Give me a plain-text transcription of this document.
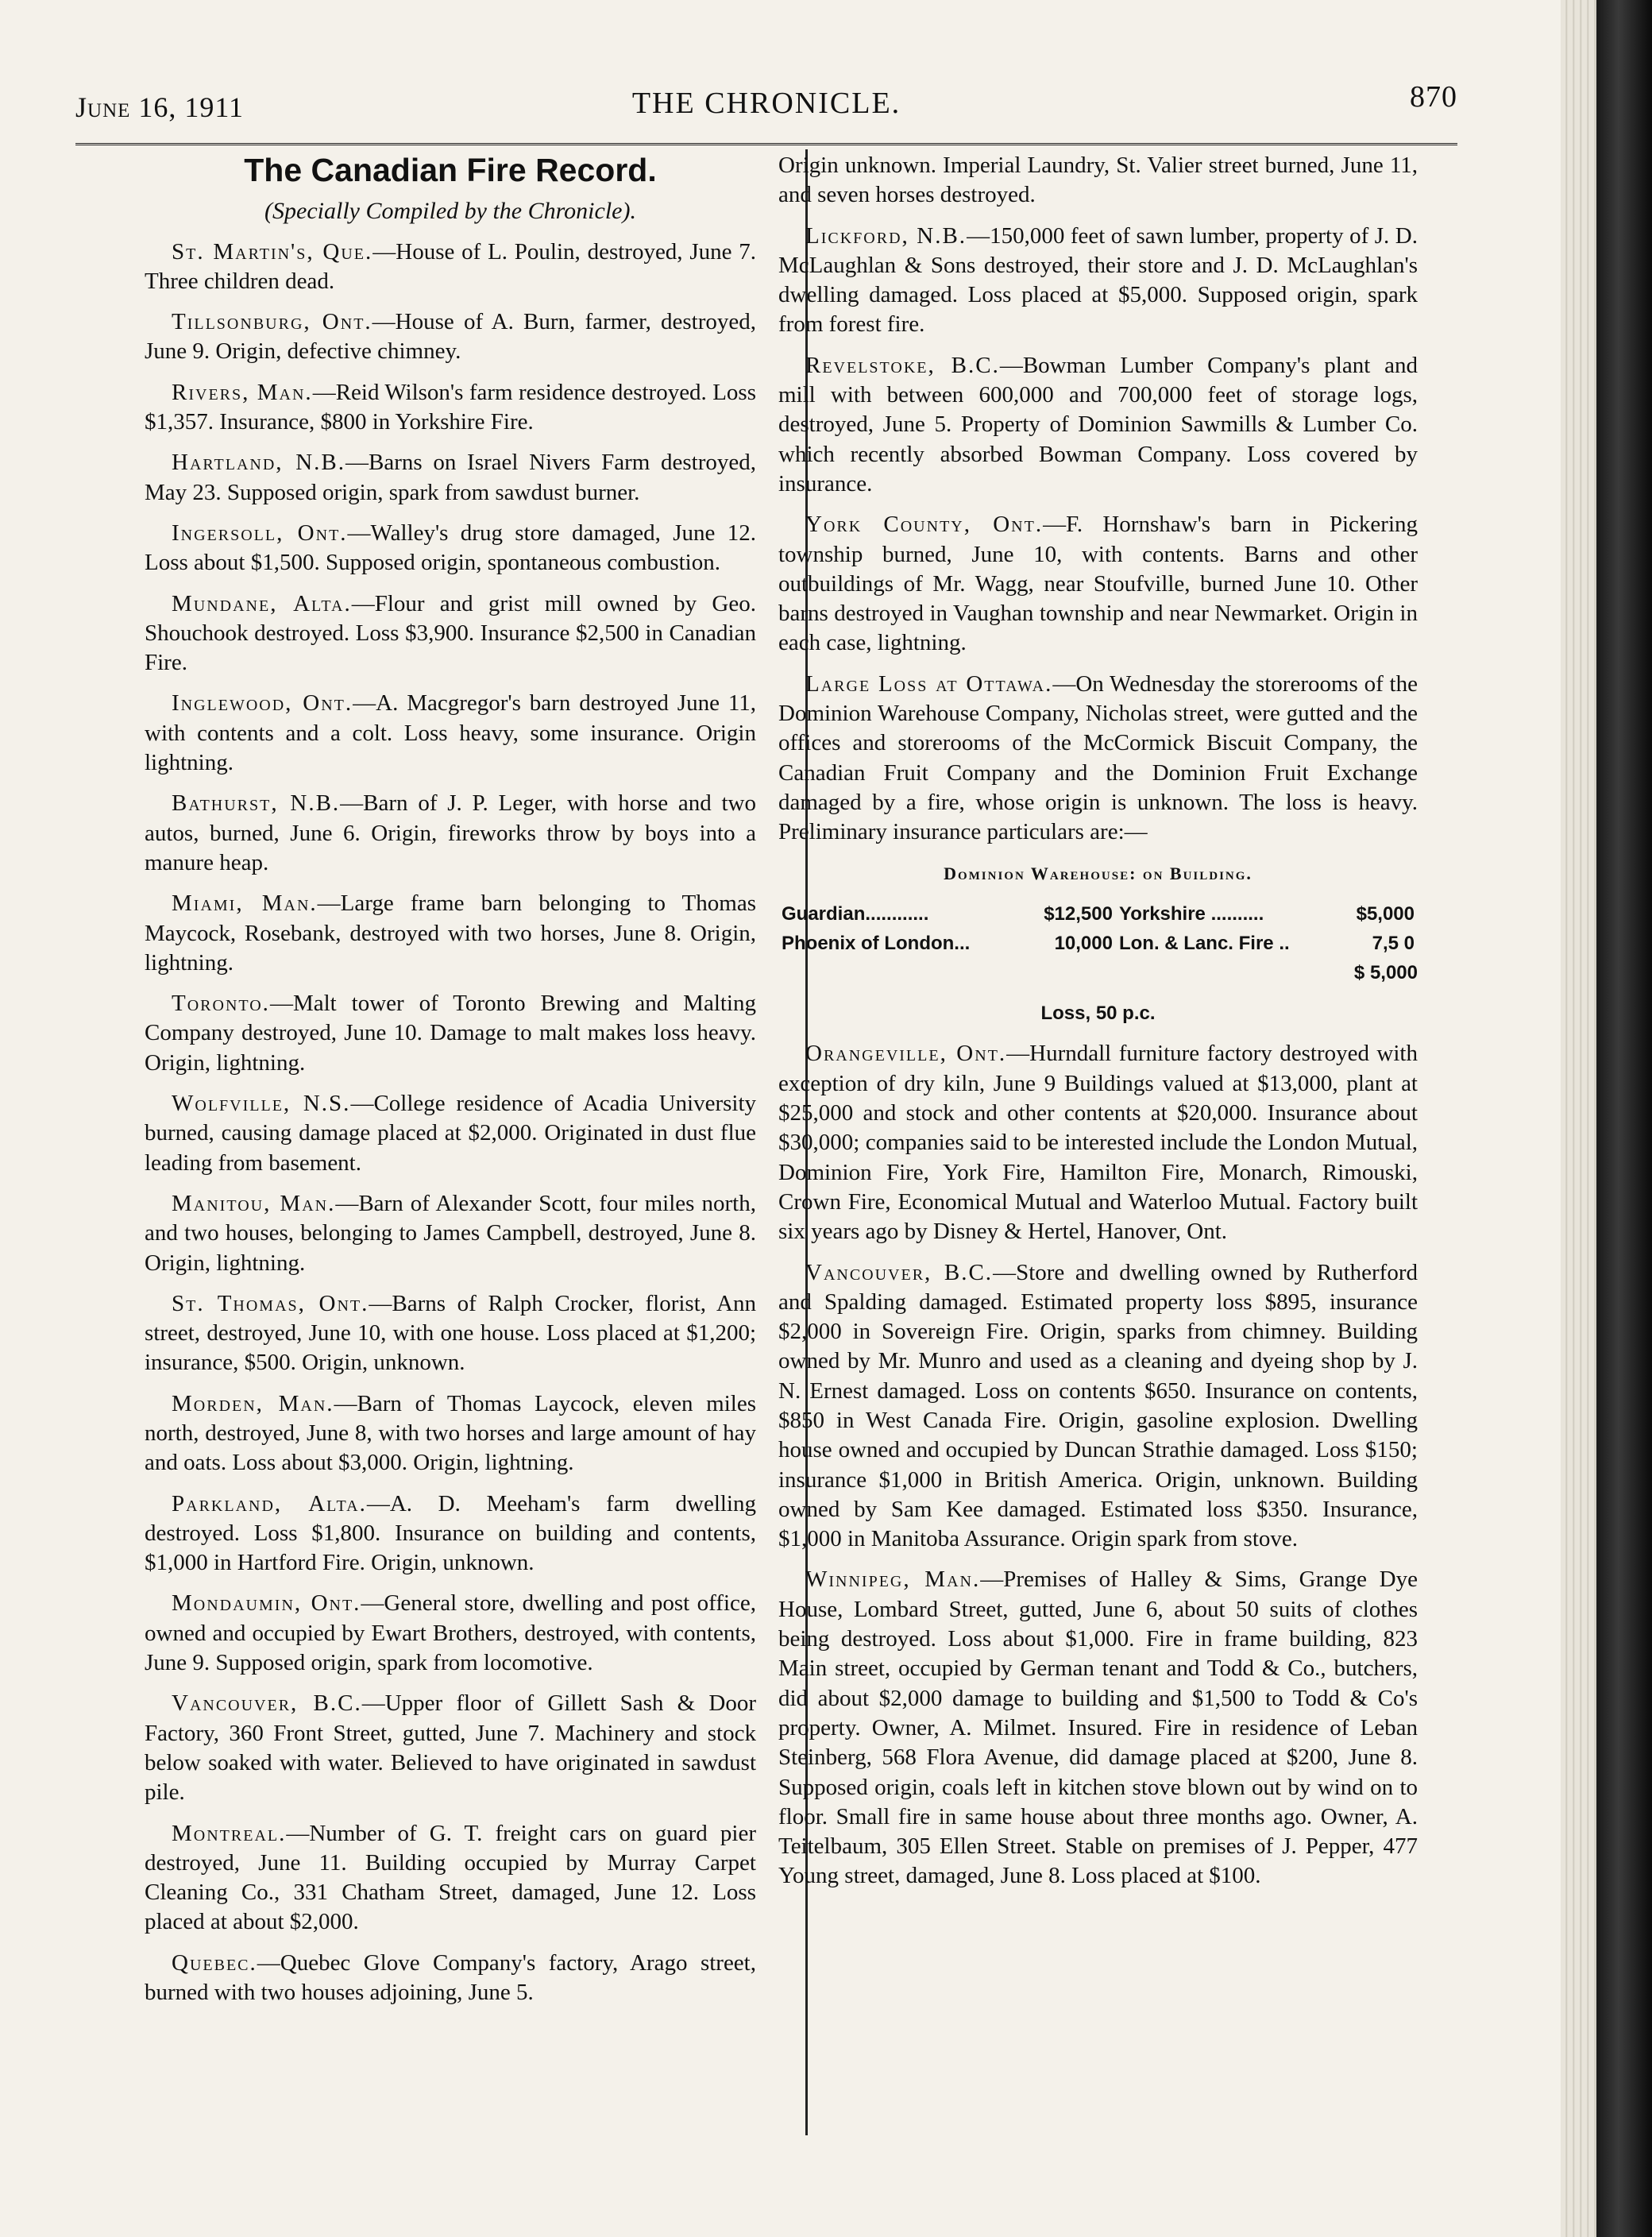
June 16, 1911	THE CHRONICLE.	870

The Canadian Fire Record.

(Specially Compiled by the Chronicle).

St. Martin's, Que.—House of L. Poulin, destroyed, June 7. Three children dead.

Tillsonburg, Ont.—House of A. Burn, farmer, destroyed, June 9. Origin, defective chimney.

Rivers, Man.—Reid Wilson's farm residence destroyed. Loss $1,357. Insurance, $800 in Yorkshire Fire.

Hartland, N.B.—Barns on Israel Nivers Farm destroyed, May 23. Supposed origin, spark from sawdust burner.

Ingersoll, Ont.—Walley's drug store damaged, June 12. Loss about $1,500. Supposed origin, spontaneous combustion.

Mundane, Alta.—Flour and grist mill owned by Geo. Shouchook destroyed. Loss $3,900. Insurance $2,500 in Canadian Fire.

Inglewood, Ont.—A. Macgregor's barn destroyed June 11, with contents and a colt. Loss heavy, some insurance. Origin lightning.

Bathurst, N.B.—Barn of J. P. Leger, with horse and two autos, burned, June 6. Origin, fireworks throw by boys into a manure heap.

Miami, Man.—Large frame barn belonging to Thomas Maycock, Rosebank, destroyed with two horses, June 8. Origin, lightning.

Toronto.—Malt tower of Toronto Brewing and Malting Company destroyed, June 10. Damage to malt makes loss heavy. Origin, lightning.

Wolfville, N.S.—College residence of Acadia University burned, causing damage placed at $2,000. Originated in dust flue leading from basement.

Manitou, Man.—Barn of Alexander Scott, four miles north, and two houses, belonging to James Campbell, destroyed, June 8. Origin, lightning.

St. Thomas, Ont.—Barns of Ralph Crocker, florist, Ann street, destroyed, June 10, with one house. Loss placed at $1,200; insurance, $500. Origin, unknown.

Morden, Man.—Barn of Thomas Laycock, eleven miles north, destroyed, June 8, with two horses and large amount of hay and oats. Loss about $3,000. Origin, lightning.

Parkland, Alta.—A. D. Meeham's farm dwelling destroyed. Loss $1,800. Insurance on building and contents, $1,000 in Hartford Fire. Origin, unknown.

Mondaumin, Ont.—General store, dwelling and post office, owned and occupied by Ewart Brothers, destroyed, with contents, June 9. Supposed origin, spark from locomotive.

Vancouver, B.C.—Upper floor of Gillett Sash & Door Factory, 360 Front Street, gutted, June 7. Machinery and stock below soaked with water. Believed to have originated in sawdust pile.

Montreal.—Number of G. T. freight cars on guard pier destroyed, June 11. Building occupied by Murray Carpet Cleaning Co., 331 Chatham Street, damaged, June 12. Loss placed at about $2,000.

Quebec.—Quebec Glove Company's factory, Arago street, burned with two houses adjoining, June 5.

Origin unknown. Imperial Laundry, St. Valier street burned, June 11, and seven horses destroyed.

Lickford, N.B.—150,000 feet of sawn lumber, property of J. D. McLaughlan & Sons destroyed, their store and J. D. McLaughlan's dwelling damaged. Loss placed at $5,000. Supposed origin, spark from forest fire.

Revelstoke, B.C.—Bowman Lumber Company's plant and mill with between 600,000 and 700,000 feet of storage logs, destroyed, June 5. Property of Dominion Sawmills & Lumber Co. which recently absorbed Bowman Company. Loss covered by insurance.

York County, Ont.—F. Hornshaw's barn in Pickering township burned, June 10, with contents. Barns and other outbuildings of Mr. Wagg, near Stoufville, burned June 10. Other barns destroyed in Vaughan township and near Newmarket. Origin in each case, lightning.

Large Loss at Ottawa.—On Wednesday the storerooms of the Dominion Warehouse Company, Nicholas street, were gutted and the offices and storerooms of the McCormick Biscuit Company, the Canadian Fruit Company and the Dominion Fruit Exchange damaged by a fire, whose origin is unknown. The loss is heavy. Preliminary insurance particulars are:—

Dominion Warehouse: on Building.

Guardian............	$12,500	Yorkshire ..........	$5,000
Phoenix of London...	10,000	Lon. & Lanc. Fire ..	7,5 0

$ 5,000

Loss, 50 p.c.

Orangeville, Ont.—Hurndall furniture factory destroyed with exception of dry kiln, June 9 Buildings valued at $13,000, plant at $25,000 and stock and other contents at $20,000. Insurance about $30,000; companies said to be interested include the London Mutual, Dominion Fire, York Fire, Hamilton Fire, Monarch, Rimouski, Crown Fire, Economical Mutual and Waterloo Mutual. Factory built six years ago by Disney & Hertel, Hanover, Ont.

Vancouver, B.C.—Store and dwelling owned by Rutherford and Spalding damaged. Estimated property loss $895, insurance $2,000 in Sovereign Fire. Origin, sparks from chimney. Building owned by Mr. Munro and used as a cleaning and dyeing shop by J. N. Ernest damaged. Loss on contents $650. Insurance on contents, $850 in West Canada Fire. Origin, gasoline explosion. Dwelling house owned and occupied by Duncan Strathie damaged. Loss $150; insurance $1,000 in British America. Origin, unknown. Building owned by Sam Kee damaged. Estimated loss $350. Insurance, $1,000 in Manitoba Assurance. Origin spark from stove.

Winnipeg, Man.—Premises of Halley & Sims, Grange Dye House, Lombard Street, gutted, June 6, about 50 suits of clothes being destroyed. Loss about $1,000. Fire in frame building, 823 Main street, occupied by German tenant and Todd & Co., butchers, did about $2,000 damage to building and $1,500 to Todd & Co's property. Owner, A. Milmet. Insured. Fire in residence of Leban Steinberg, 568 Flora Avenue, did damage placed at $200, June 8. Supposed origin, coals left in kitchen stove blown out by wind on to floor. Small fire in same house about three months ago. Owner, A. Teitelbaum, 305 Ellen Street. Stable on premises of J. Pepper, 477 Young street, damaged, June 8. Loss placed at $100.
